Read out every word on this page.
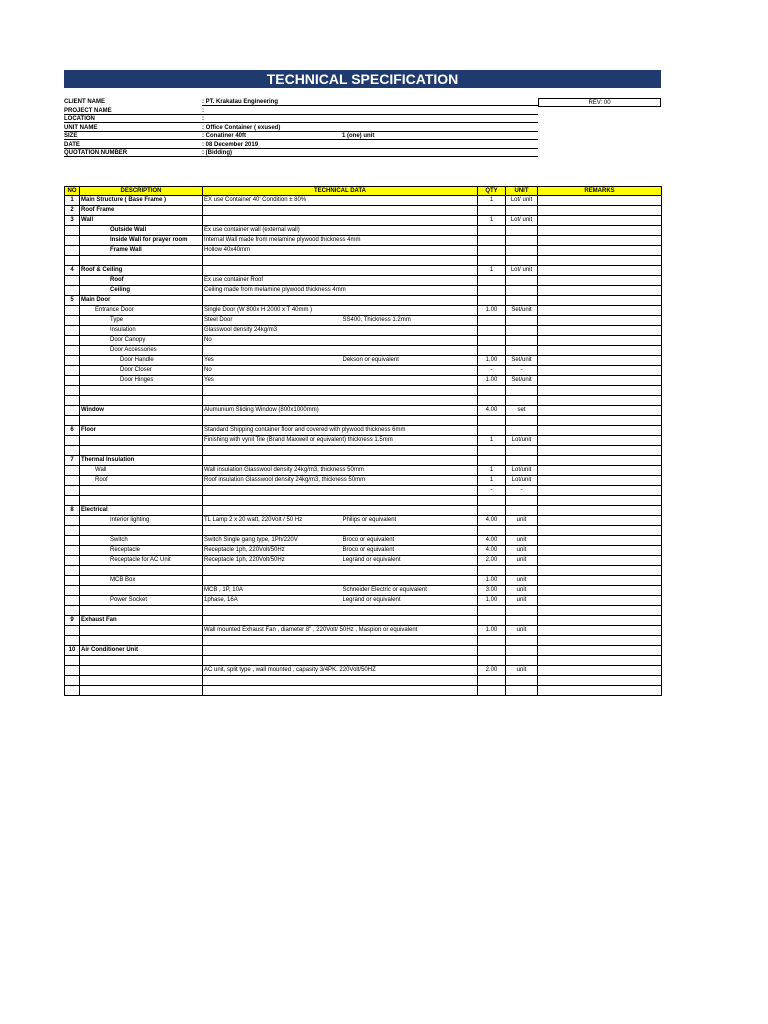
TECHNICAL SPECIFICATION
REV: 00
CLIENT NAME	: PT. Krakatau Engineering
PROJECT NAME	:
LOCATION	:
UNIT NAME	: Office Container ( exused)
SIZE	: Conatiner 40ft	1 (one) unit
DATE	: 08 December 2019
QUOTATION NUMBER	: (Bidding)
NO	DESCRIPTION	TECHNICAL DATA		QTY	UNIT	REMARKS
1	Main Structure ( Base Frame )	EX use Container 40' Condition ± 80%		1	Lot/ unit	
2	Roof Frame					
3	Wall			1	Lot/ unit	
	Outside Wall	Ex use container wall (external wall)				
	Inside Wall for prayer room	Internal Wall made from melamine plywood thickness 4mm				
	Frame Wall	Hollow 40x40mm				

4	Roof & Ceiling			1	Lot/ unit	
	Roof	Ex use container Roof				
	Ceiling	Ceiling made from melamine plywood thickness 4mm				
5	Main Door					
	Entrance Door	Single Door (W 800x H 2000 x T 40mm )		1.00	Set/unit	
	Type	Steel Door	SS400, Thickness 1.2mm			
	Insulation	Glasswool density 24kg/m3				
	Door Canopy	No				
	Door Accessories					
	Door Handle	Yes	Dekson or equivalent	1.00	Set/unit	
	Door Closer	No		-	-	
	Door Hinges	Yes		1.00	Set/unit	

	Window	Alumunium Sliding Window (800x1000mm)		4.00	set	

6	Floor	Standard Shipping container floor and covered with plywood thickness 6mm				
		Finishing with vynil Tile (Brand Maxwell or equivalent) thickness 1.5mm		1	Lot/unit	

7	Thermal Insulation					
	Wall	Wall insulation Glasswool density 24kg/m3, thickness 50mm		1	Lot/unit	
	Roof	Roof insulation Glasswool density 24kg/m3, thickness 50mm		1	Lot/unit	
				-	-	

8	Electrical					
	Interior lighting	TL Lamp 2 x 20 watt, 220Volt / 50 Hz	Philips or equivalent	4.00	unit	

	Switch	Switch Single gang type, 1Ph/220V	Broco or equivalent	4.00	unit	
	Receptacle	Receptacle 1ph, 220Volt/50Hz	Broco or equivalent	4.00	unit	
	Receptacle for AC Unit	Receptacle 1ph, 220Volt/50Hz	Legrand or equivalent	2.00	unit	

	MCB Box			1.00	unit	
		MCB , 1P, 10A	Schneider Electric or equivalent	3.00	unit	
	Power Socket	1phase, 16A	Legrand or equivalent	1.00	unit	

9	Exhaust Fan					
		Wall mounted Exhaust Fan , diameter 8" , 220Volt/ 50Hz , Maspion or equivalent		1.00	unit	

10	Air Conditioner Unit					

		AC unit, split type , wall mounted , capasity 3/4PK. 220Volt/50HZ		2.00	unit	
